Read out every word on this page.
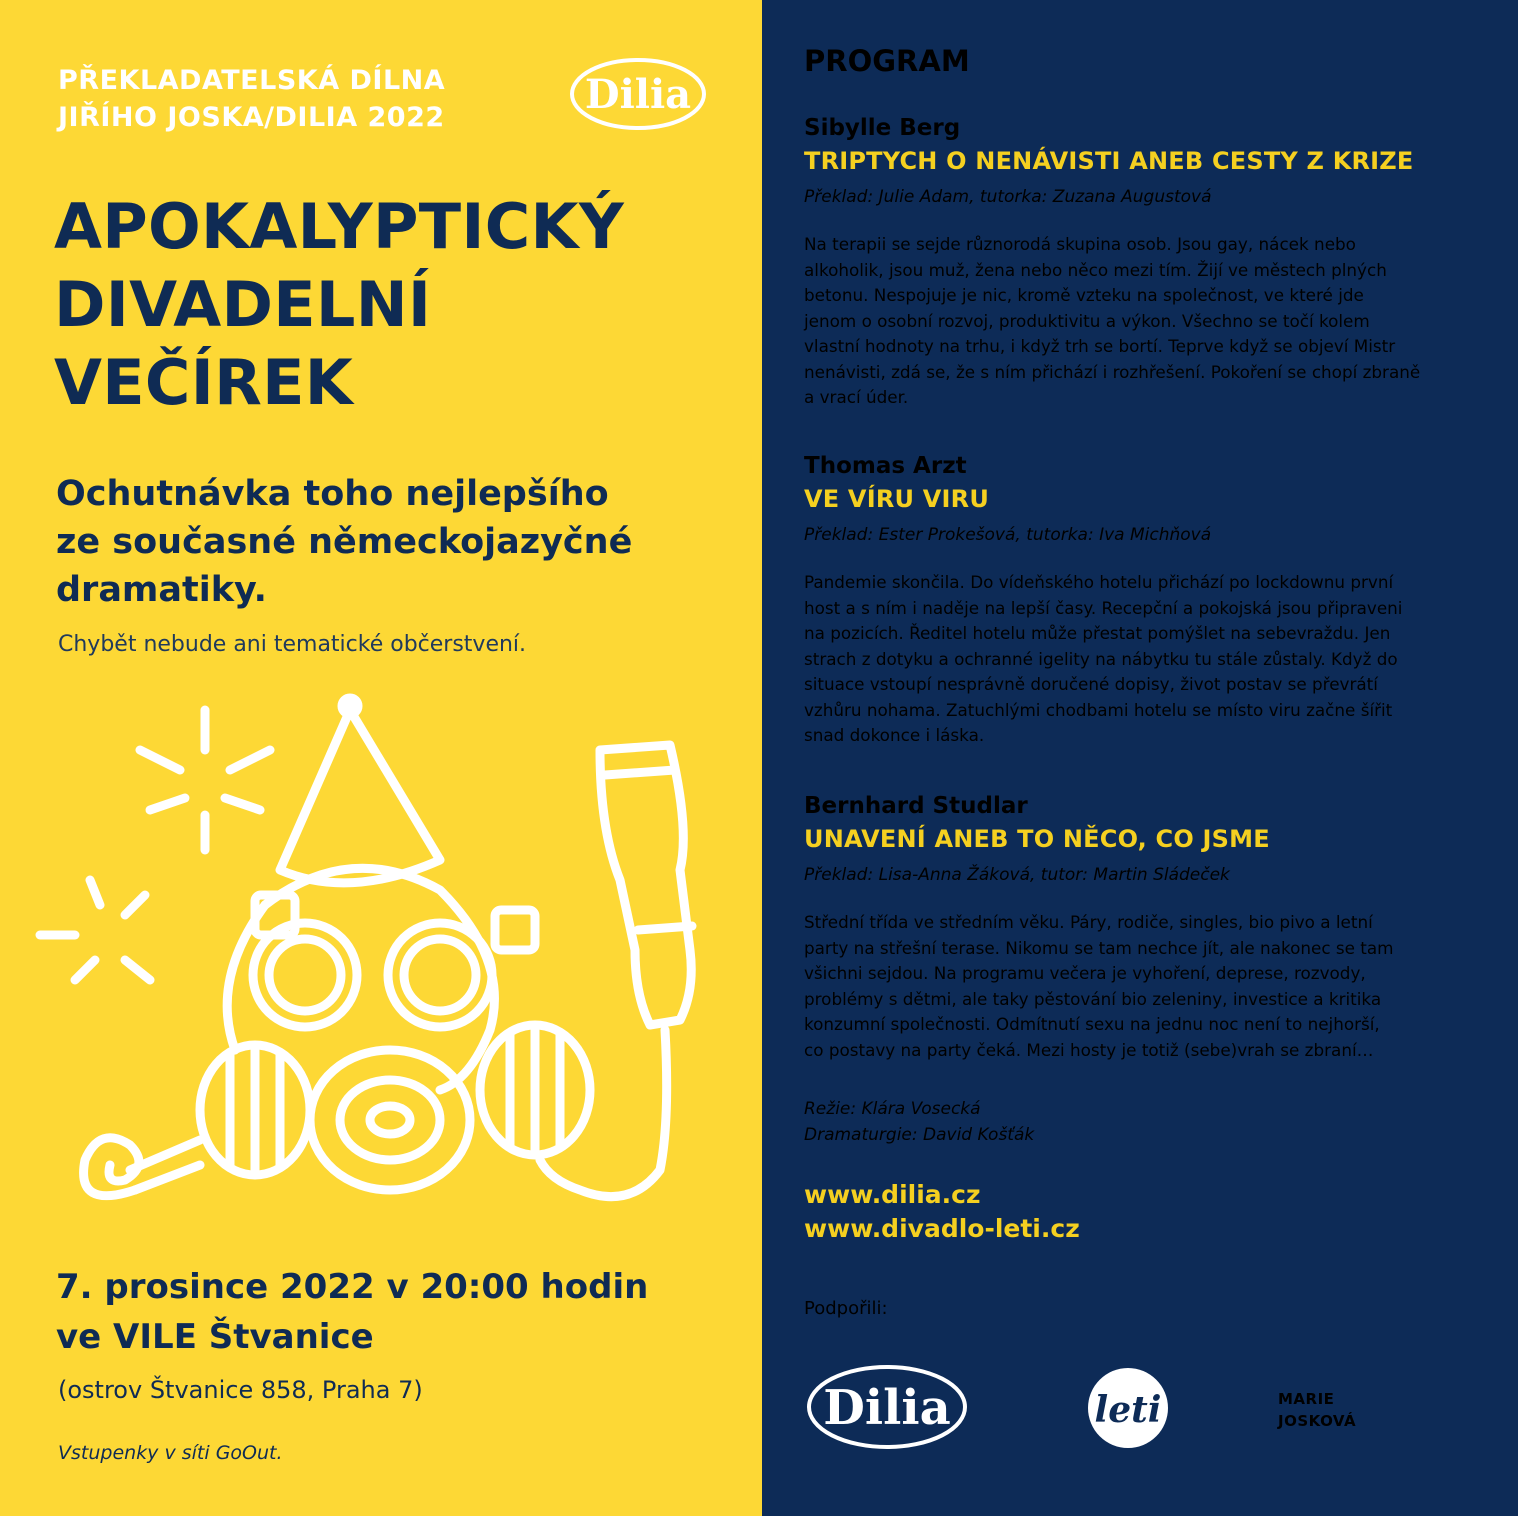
PŘEKLADATELSKÁ DÍLNA
JIŘÍHO JOSKA/DILIA 2022	Dilia
APOKALYPTICKÝ
DIVADELNÍ
VEČÍREK
Ochutnávka toho nejlepšího
ze současné německojazyčné
dramatiky.
Chybět nebude ani tematické občerstvení.
7. prosince 2022 v 20:00 hodin
ve VILE Štvanice
(ostrov Štvanice 858, Praha 7)
Vstupenky v síti GoOut.
PROGRAM
Sibylle Berg
TRIPTYCH O NENÁVISTI ANEB CESTY Z KRIZE
Překlad: Julie Adam, tutorka: Zuzana Augustová
Na terapii se sejde různorodá skupina osob. Jsou gay, nácek nebo
alkoholik, jsou muž, žena nebo něco mezi tím. Žijí ve městech plných
betonu. Nespojuje je nic, kromě vzteku na společnost, ve které jde
jenom o osobní rozvoj, produktivitu a výkon. Všechno se točí kolem
vlastní hodnoty na trhu, i když trh se bortí. Teprve když se objeví Mistr
nenávisti, zdá se, že s ním přichází i rozhřešení. Pokoření se chopí zbraně
a vrací úder.
Thomas Arzt
VE VÍRU VIRU
Překlad: Ester Prokešová, tutorka: Iva Michňová
Pandemie skončila. Do vídeňského hotelu přichází po lockdownu první
host a s ním i naděje na lepší časy. Recepční a pokojská jsou připraveni
na pozicích. Ředitel hotelu může přestat pomýšlet na sebevraždu. Jen
strach z dotyku a ochranné igelity na nábytku tu stále zůstaly. Když do
situace vstoupí nesprávně doručené dopisy, život postav se převrátí
vzhůru nohama. Zatuchlými chodbami hotelu se místo viru začne šířit
snad dokonce i láska.
Bernhard Studlar
UNAVENÍ ANEB TO NĚCO, CO JSME
Překlad: Lisa-Anna Žáková, tutor: Martin Sládeček
Střední třída ve středním věku. Páry, rodiče, singles, bio pivo a letní
party na střešní terase. Nikomu se tam nechce jít, ale nakonec se tam
všichni sejdou. Na programu večera je vyhoření, deprese, rozvody,
problémy s dětmi, ale taky pěstování bio zeleniny, investice a kritika
konzumní společnosti. Odmítnutí sexu na jednu noc není to nejhorší,
co postavy na party čeká. Mezi hosty je totiž (sebe)vrah se zbraní…
Režie: Klára Vosecká
Dramaturgie: David Košťák
www.dilia.cz
www.divadlo-leti.cz
Podpořili:
Dilia	leti	MARIE
JOSKOVÁ
